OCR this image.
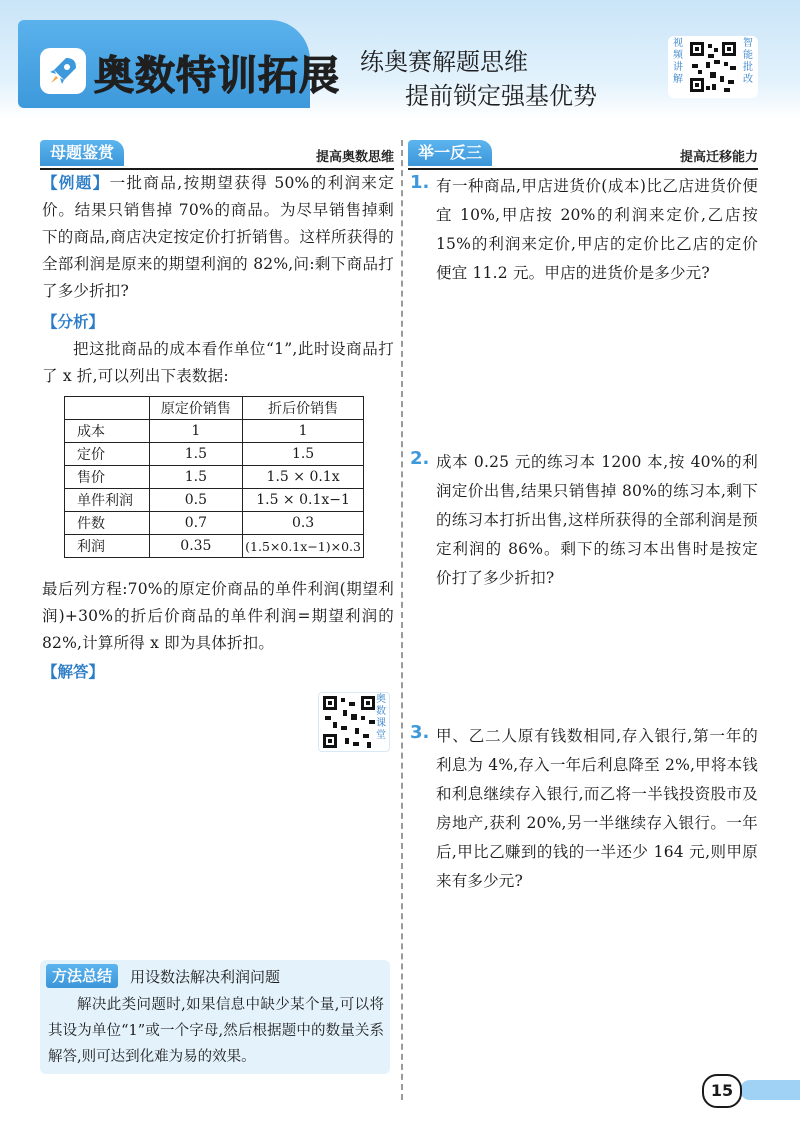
奥数特训拓展 练奥赛解题思维
提前锁定强基优势
视频讲解
智能批改
母题鉴赏	提高奥数思维	举一反三	提高迁移能力
【例题】一批商品,按期望获得 50%的利润来定价。结果只销售掉 70%的商品。为尽早销售掉剩下的商品,商店决定按定价打折销售。这样所获得的全部利润是原来的期望利润的 82%,问:剩下商品打了多少折扣?
【分析】
把这批商品的成本看作单位“1”,此时设商品打了 x 折,可以列出下表数据:
	原定价销售	折后价销售
成本	1	1
定价	1.5	1.5
售价	1.5	1.5 × 0.1x
单件利润	0.5	1.5 × 0.1x−1
件数	0.7	0.3
利润	0.35	(1.5×0.1x−1)×0.3
最后列方程:70%的原定价商品的单件利润(期望利润)+30%的折后价商品的单件利润=期望利润的 82%,计算所得 x 即为具体折扣。
【解答】
奥数课堂
方法总结	用设数法解决利润问题
解决此类问题时,如果信息中缺少某个量,可以将其设为单位“1”或一个字母,然后根据题中的数量关系解答,则可达到化难为易的效果。
1. 有一种商品,甲店进货价(成本)比乙店进货价便宜 10%,甲店按 20%的利润来定价,乙店按 15%的利润来定价,甲店的定价比乙店的定价便宜 11.2 元。甲店的进货价是多少元?
2. 成本 0.25 元的练习本 1200 本,按 40%的利润定价出售,结果只销售掉 80%的练习本,剩下的练习本打折出售,这样所获得的全部利润是预定利润的 86%。剩下的练习本出售时是按定价打了多少折扣?
3. 甲、乙二人原有钱数相同,存入银行,第一年的利息为 4%,存入一年后利息降至 2%,甲将本钱和利息继续存入银行,而乙将一半钱投资股市及房地产,获利 20%,另一半继续存入银行。一年后,甲比乙赚到的钱的一半还少 164 元,则甲原来有多少元?
15
